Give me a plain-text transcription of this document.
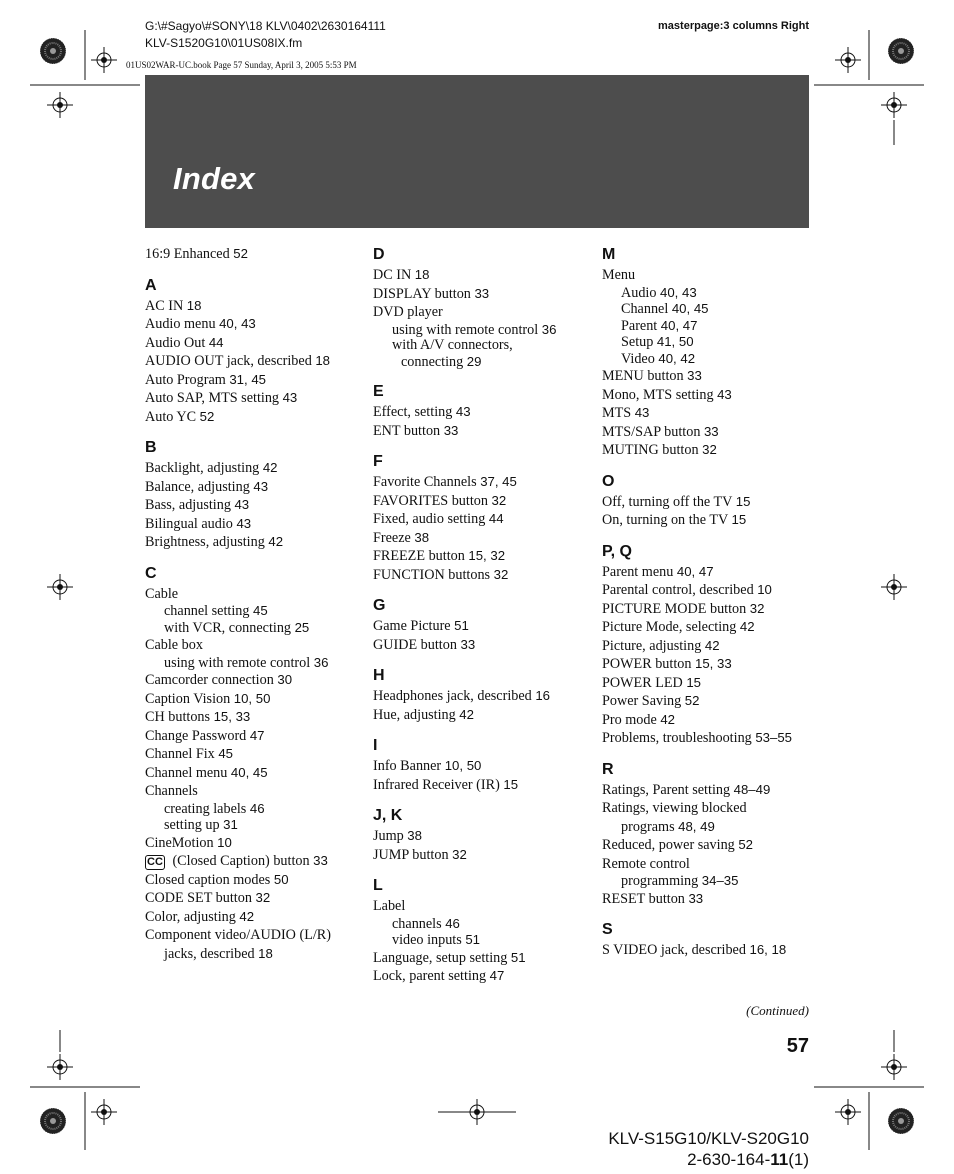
G:\#Sagyo\#SONY\18 KLV\0402\2630164111
KLV-S1520G10\01US08IX.fm
01US02WAR-UC.book Page 57 Sunday, April 3, 2005 5:53 PM
masterpage:3 columns Right
Index
16:9 Enhanced 52
A
AC IN 18
Audio menu 40, 43
Audio Out 44
AUDIO OUT jack, described 18
Auto Program 31, 45
Auto SAP, MTS setting 43
Auto YC 52
B
Backlight, adjusting 42
Balance, adjusting 43
Bass, adjusting 43
Bilingual audio 43
Brightness, adjusting 42
C
Cable
channel setting 45
with VCR, connecting 25
Cable box
using with remote control 36
Camcorder connection 30
Caption Vision 10, 50
CH buttons 15, 33
Change Password 47
Channel Fix 45
Channel menu 40, 45
Channels
creating labels 46
setting up 31
CineMotion 10
CC (Closed Caption) button 33
Closed caption modes 50
CODE SET button 32
Color, adjusting 42
Component video/AUDIO (L/R)
jacks, described 18
D
DC IN 18
DISPLAY button 33
DVD player
using with remote control 36
with A/V connectors,
connecting 29
E
Effect, setting 43
ENT button 33
F
Favorite Channels 37, 45
FAVORITES button 32
Fixed, audio setting 44
Freeze 38
FREEZE button 15, 32
FUNCTION buttons 32
G
Game Picture 51
GUIDE button 33
H
Headphones jack, described 16
Hue, adjusting 42
I
Info Banner 10, 50
Infrared Receiver (IR) 15
J, K
Jump 38
JUMP button 32
L
Label
channels 46
video inputs 51
Language, setup setting 51
Lock, parent setting 47
M
Menu
Audio 40, 43
Channel 40, 45
Parent 40, 47
Setup 41, 50
Video 40, 42
MENU button 33
Mono, MTS setting 43
MTS 43
MTS/SAP button 33
MUTING button 32
O
Off, turning off the TV 15
On, turning on the TV 15
P, Q
Parent menu 40, 47
Parental control, described 10
PICTURE MODE button 32
Picture Mode, selecting 42
Picture, adjusting 42
POWER button 15, 33
POWER LED 15
Power Saving 52
Pro mode 42
Problems, troubleshooting 53–55
R
Ratings, Parent setting 48–49
Ratings, viewing blocked
programs 48, 49
Reduced, power saving 52
Remote control
programming 34–35
RESET button 33
S
S VIDEO jack, described 16, 18
(Continued)
57
KLV-S15G10/KLV-S20G10
2-630-164-11(1)
